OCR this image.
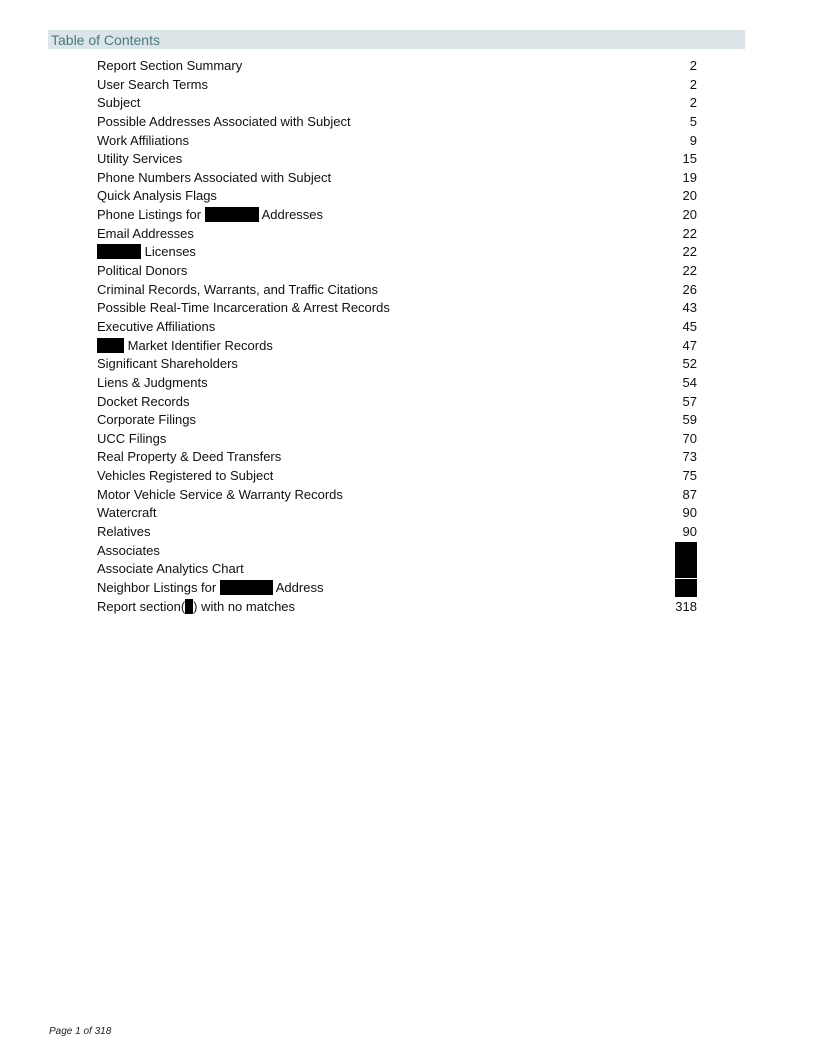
Table of Contents
Report Section Summary	2
User Search Terms	2
Subject	2
Possible Addresses Associated with Subject	5
Work Affiliations	9
Utility Services	15
Phone Numbers Associated with Subject	19
Quick Analysis Flags	20
Phone Listings for	Addresses	20
Email Addresses	22
Licenses	22
Political Donors	22
Criminal Records, Warrants, and Traffic Citations	26
Possible Real-Time Incarceration & Arrest Records	43
Executive Affiliations	45
Market Identifier Records	47
Significant Shareholders	52
Liens & Judgments	54
Docket Records	57
Corporate Filings	59
UCC Filings	70
Real Property & Deed Transfers	73
Vehicles Registered to Subject	75
Motor Vehicle Service & Warranty Records	87
Watercraft	90
Relatives	90
Associates
Associate Analytics Chart
Neighbor Listings for	Address
Report section( ) with no matches	318
Page 1 of 318
